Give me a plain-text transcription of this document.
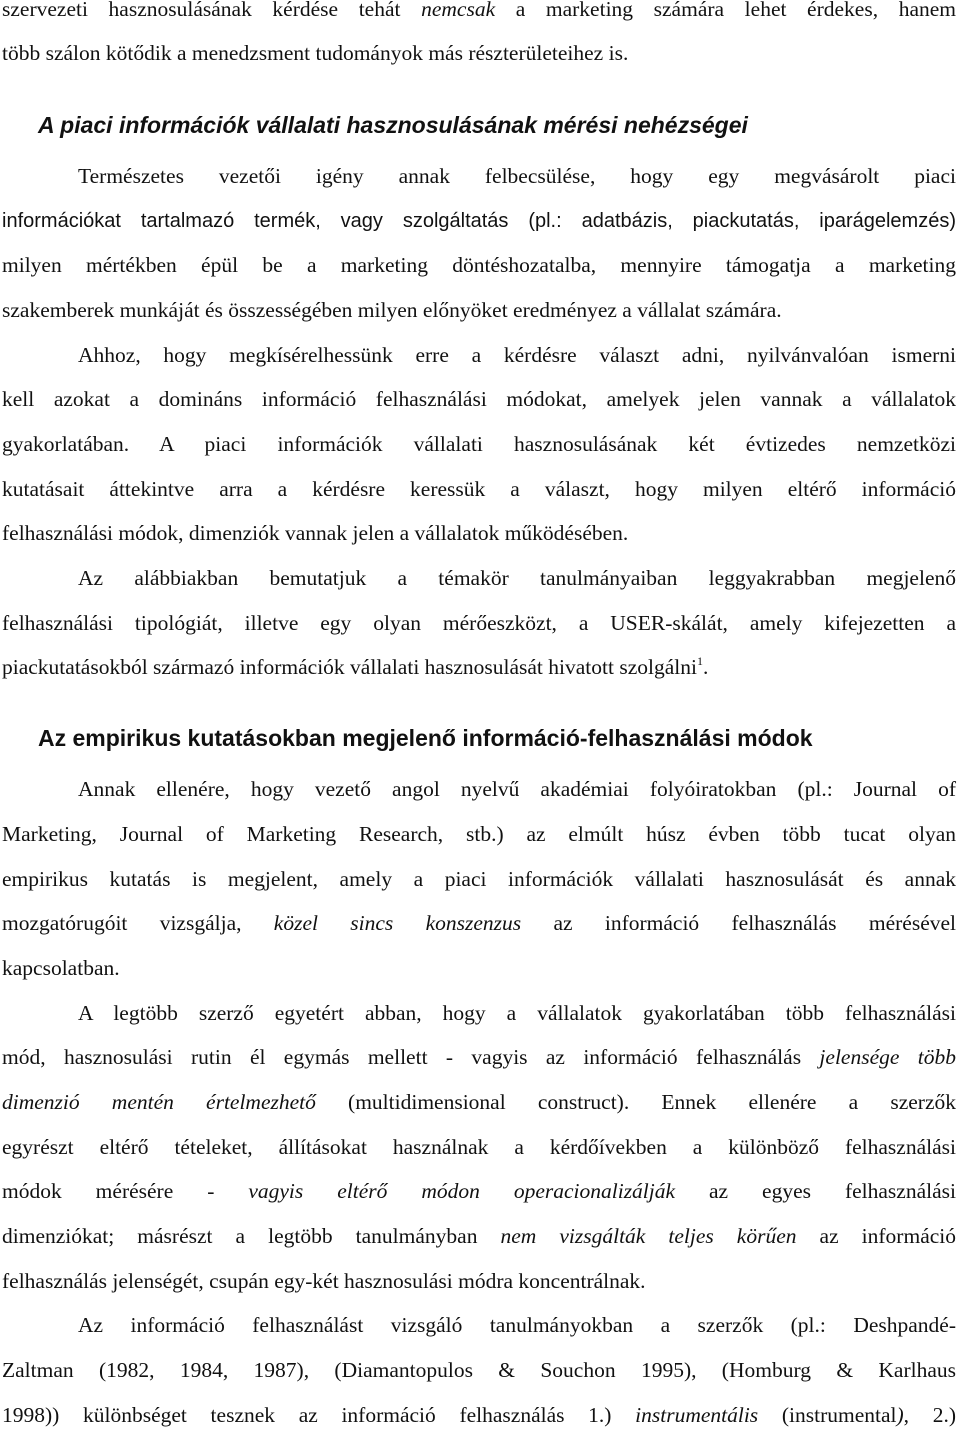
szervezeti hasznosulásának kérdése tehát nemcsak a marketing számára lehet érdekes, hanem
több szálon kötődik a menedzsment tudományok más részterületeihez is.
A piaci információk vállalati hasznosulásának mérési nehézségei
Természetes vezetői igény annak felbecsülése, hogy egy megvásárolt piaci
információkat tartalmazó termék, vagy szolgáltatás (pl.: adatbázis, piackutatás, iparágelemzés)
milyen mértékben épül be a marketing döntéshozatalba, mennyire támogatja a marketing
szakemberek munkáját és összességében milyen előnyöket eredményez a vállalat számára.
Ahhoz, hogy megkísérelhessünk erre a kérdésre választ adni, nyilvánvalóan ismerni
kell azokat a domináns információ felhasználási módokat, amelyek jelen vannak a vállalatok
gyakorlatában. A piaci információk vállalati hasznosulásának két évtizedes nemzetközi
kutatásait áttekintve arra a kérdésre keressük a választ, hogy milyen eltérő információ
felhasználási módok, dimenziók vannak jelen a vállalatok működésében.
Az alábbiakban bemutatjuk a témakör tanulmányaiban leggyakrabban megjelenő
felhasználási tipológiát, illetve egy olyan mérőeszközt, a USER-skálát, amely kifejezetten a
piackutatásokból származó információk vállalati hasznosulását hivatott szolgálni$^1$.
Az empirikus kutatásokban megjelenő információ-felhasználási módok
Annak ellenére, hogy vezető angol nyelvű akadémiai folyóiratokban (pl.: Journal of
Marketing, Journal of Marketing Research, stb.) az elmúlt húsz évben több tucat olyan
empirikus kutatás is megjelent, amely a piaci információk vállalati hasznosulását és annak
mozgatórugóit vizsgálja, közel sincs konszenzus az információ felhasználás mérésével
kapcsolatban.
A legtöbb szerző egyetért abban, hogy a vállalatok gyakorlatában több felhasználási
mód, hasznosulási rutin él egymás mellett - vagyis az információ felhasználás jelensége több
dimenzió mentén értelmezhető (multidimensional construct). Ennek ellenére a szerzők
egyrészt eltérő tételeket, állításokat használnak a kérdőívekben a különböző felhasználási
módok mérésére - vagyis eltérő módon operacionalizálják az egyes felhasználási
dimenziókat; másrészt a legtöbb tanulmányban nem vizsgálták teljes körűen az információ
felhasználás jelenségét, csupán egy-két hasznosulási módra koncentrálnak.
Az információ felhasználást vizsgáló tanulmányokban a szerzők (pl.: Deshpandé-
Zaltman (1982, 1984, 1987), (Diamantopulos & Souchon 1995), (Homburg & Karlhaus
1998)) különbséget tesznek az információ felhasználás 1.) instrumentális (instrumental), 2.)
